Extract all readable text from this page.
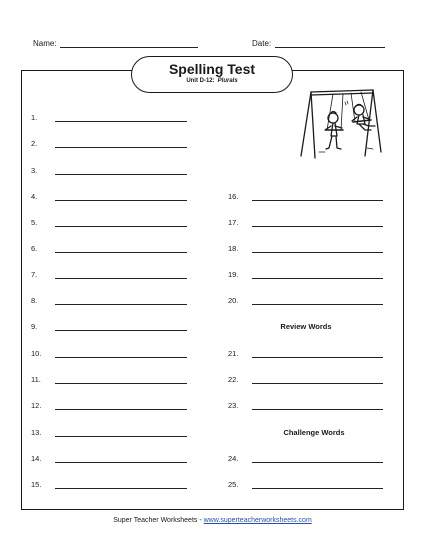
Name:	Date:
Spelling Test
Unit D-12: Plurals
1.
2.
3.
4.
5.
6.
7.
8.
9.
10.
11.
12.
13.
14.
15.
16.
17.
18.
19.
20.
Review Words
21.
22.
23.
Challenge Words
24.
25.
Super Teacher Worksheets - www.superteacherworksheets.com
